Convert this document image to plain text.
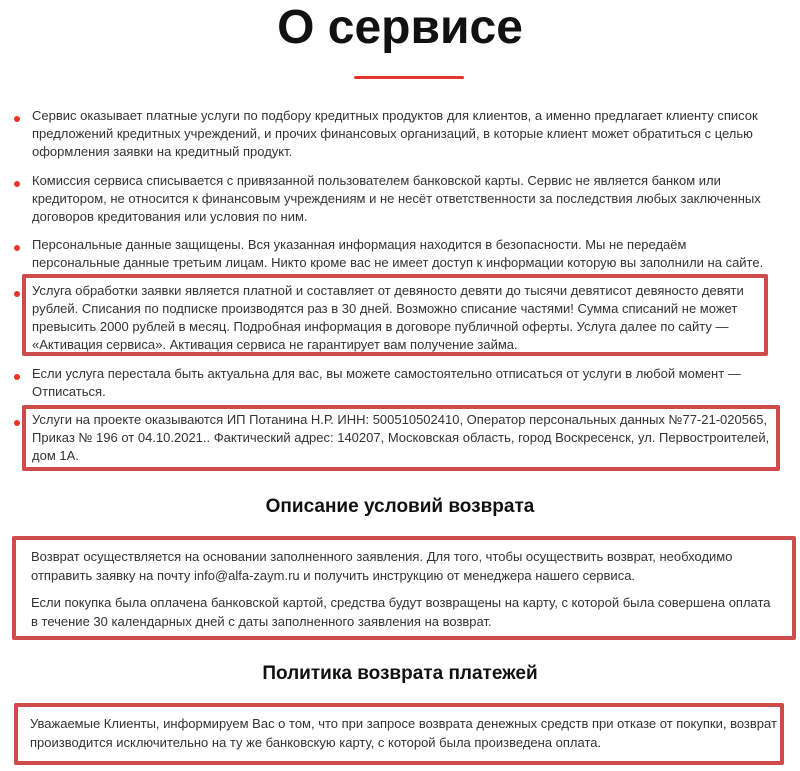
О сервисе
Сервис оказывает платные услуги по подбору кредитных продуктов для клиентов, а именно предлагает клиенту список предложений кредитных учреждений, и прочих финансовых организаций, в которые клиент может обратиться с целью оформления заявки на кредитный продукт.
Комиссия сервиса списывается с привязанной пользователем банковской карты. Сервис не является банком или кредитором, не относится к финансовым учреждениям и не несёт ответственности за последствия любых заключенных договоров кредитования или условия по ним.
Персональные данные защищены. Вся указанная информация находится в безопасности. Мы не передаём персональные данные третьим лицам. Никто кроме вас не имеет доступ к информации которую вы заполнили на сайте.
Услуга обработки заявки является платной и составляет от девяносто девяти до тысячи девятисот девяносто девяти рублей. Списания по подписке производятся раз в 30 дней. Возможно списание частями! Сумма списаний не может превысить 2000 рублей в месяц. Подробная информация в договоре публичной оферты. Услуга далее по сайту — «Активация сервиса». Активация сервиса не гарантирует вам получение займа.
Если услуга перестала быть актуальна для вас, вы можете самостоятельно отписаться от услуги в любой момент — Отписаться.
Услуги на проекте оказываются ИП Потанина Н.Р. ИНН: 500510502410, Оператор персональных данных №77-21-020565, Приказ № 196 от 04.10.2021.. Фактический адрес: 140207, Московская область, город Воскресенск, ул. Первостроителей, дом 1А.
Описание условий возврата
Возврат осуществляется на основании заполненного заявления. Для того, чтобы осуществить возврат, необходимо отправить заявку на почту info@alfa-zaym.ru и получить инструкцию от менеджера нашего сервиса.
Если покупка была оплачена банковской картой, средства будут возвращены на карту, с которой была совершена оплата в течение 30 календарных дней с даты заполненного заявления на возврат.
Политика возврата платежей
Уважаемые Клиенты, информируем Вас о том, что при запросе возврата денежных средств при отказе от покупки, возврат производится исключительно на ту же банковскую карту, с которой была произведена оплата.
